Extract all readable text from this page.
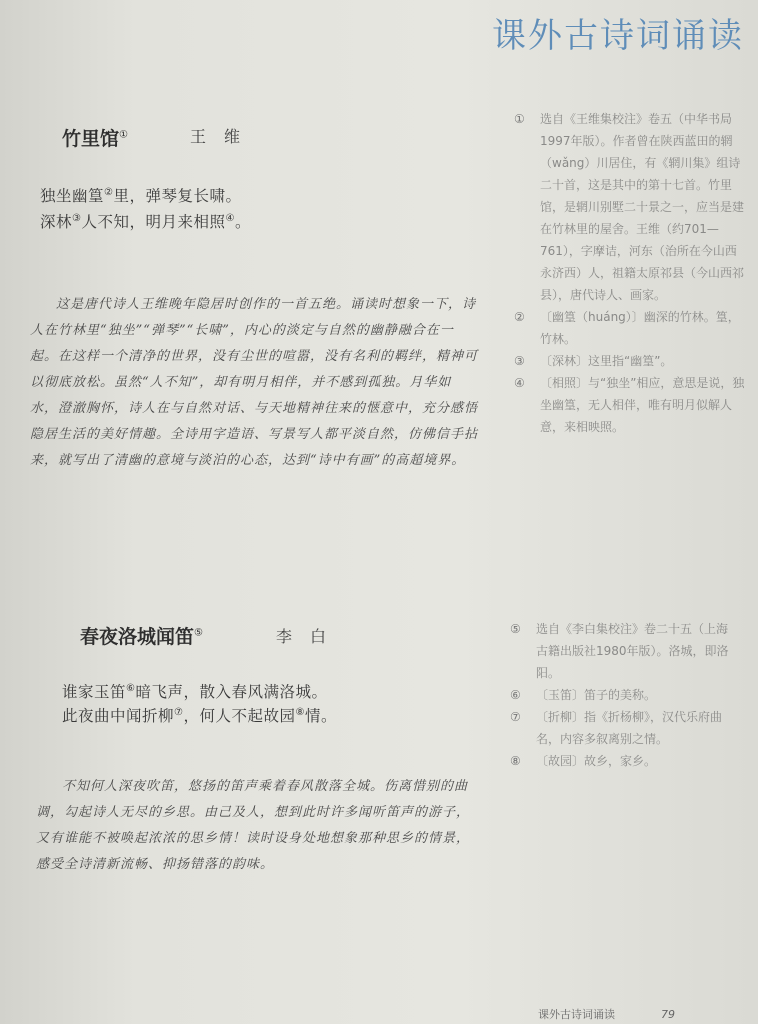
课外古诗词诵读
竹里馆①	王维
独坐幽篁②里，弹琴复长啸。
深林③人不知，明月来相照④。

这是唐代诗人王维晚年隐居时创作的一首五绝。诵读时想象一下，诗人在竹林里“独坐”“弹琴”“长啸”，内心的淡定与自然的幽静融合在一起。在这样一个清净的世界，没有尘世的喧嚣，没有名利的羁绊，精神可以彻底放松。虽然“人不知”，却有明月相伴，并不感到孤独。月华如水，澄澈胸怀，诗人在与自然对话、与天地精神往来的惬意中，充分感悟隐居生活的美好情趣。全诗用字造语、写景写人都平淡自然，仿佛信手拈来，就写出了清幽的意境与淡泊的心态，达到“诗中有画”的高超境界。

① 选自《王维集校注》卷五（中华书局1997年版）。作者曾在陕西蓝田的辋（wǎng）川居住，有《辋川集》组诗二十首，这是其中的第十七首。竹里馆，是辋川别墅二十景之一，应当是建在竹林里的屋舍。王维（约701—761），字摩诘，河东（治所在今山西永济西）人，祖籍太原祁县（今山西祁县），唐代诗人、画家。
② 〔幽篁（huáng）〕幽深的竹林。篁，竹林。
③ 〔深林〕这里指“幽篁”。
④ 〔相照〕与“独坐”相应，意思是说，独坐幽篁，无人相伴，唯有明月似解人意，来相映照。
春夜洛城闻笛⑤	李白
谁家玉笛⑥暗飞声，散入春风满洛城。
此夜曲中闻折柳⑦，何人不起故园⑧情。

不知何人深夜吹笛，悠扬的笛声乘着春风散落全城。伤离惜别的曲调，勾起诗人无尽的乡思。由己及人，想到此时许多闻听笛声的游子，又有谁能不被唤起浓浓的思乡情！读时设身处地想象那种思乡的情景，感受全诗清新流畅、抑扬错落的韵味。

⑤ 选自《李白集校注》卷二十五（上海古籍出版社1980年版）。洛城，即洛阳。
⑥ 〔玉笛〕笛子的美称。
⑦ 〔折柳〕指《折杨柳》，汉代乐府曲名，内容多叙离别之情。
⑧ 〔故园〕故乡，家乡。
课外古诗词诵读	79
